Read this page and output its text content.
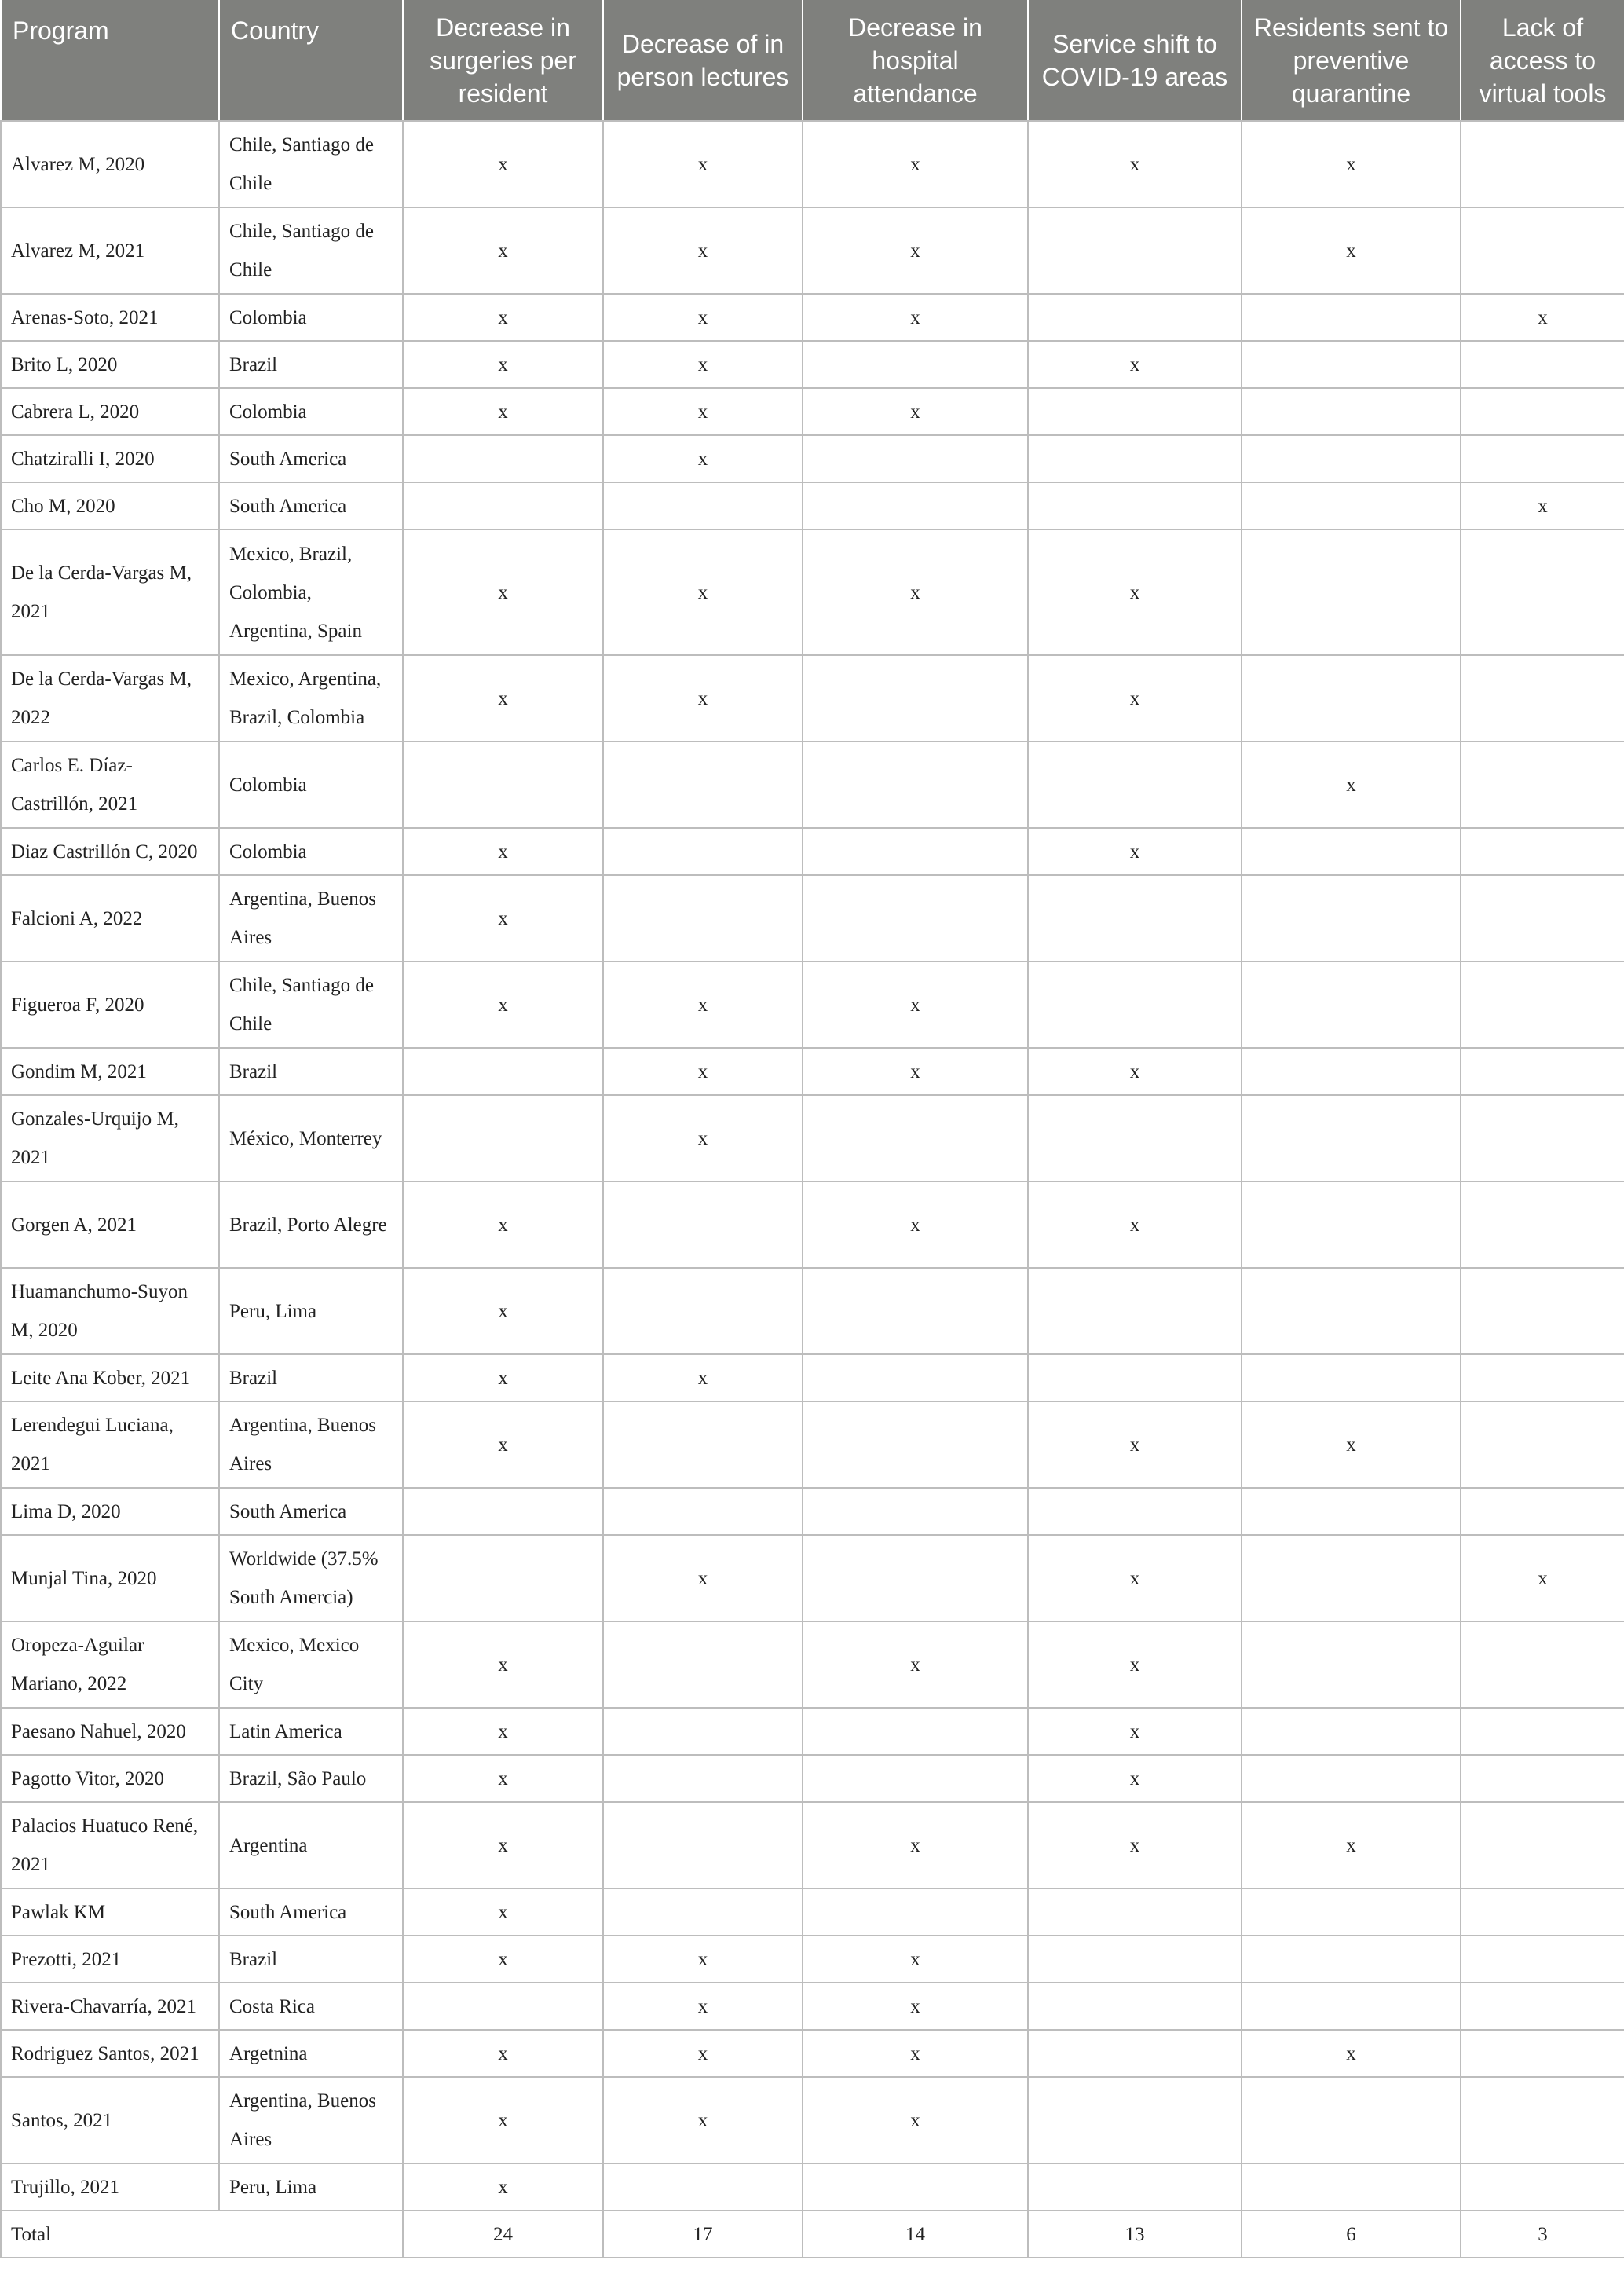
Program	Country	Decrease in surgeries per resident	Decrease of in person lectures	Decrease in hospital attendance	Service shift to COVID-19 areas	Residents sent to preventive quarantine	Lack of access to virtual tools
Alvarez M, 2020	Chile, Santiago de Chile	x	x	x	x	x	
Alvarez M, 2021	Chile, Santiago de Chile	x	x	x		x	
Arenas-Soto, 2021	Colombia	x	x	x			x
Brito L, 2020	Brazil	x	x		x		
Cabrera L, 2020	Colombia	x	x	x			
Chatziralli I, 2020	South America		x				
Cho M, 2020	South America						x
De la Cerda-Vargas M, 2021	Mexico, Brazil, Colombia, Argentina, Spain	x	x	x	x		
De la Cerda-Vargas M, 2022	Mexico, Argentina, Brazil, Colombia	x	x		x		
Carlos E. Díaz-Castrillón, 2021	Colombia					x	
Diaz Castrillón C, 2020	Colombia	x			x		
Falcioni A, 2022	Argentina, Buenos Aires	x					
Figueroa F, 2020	Chile, Santiago de Chile	x	x	x			
Gondim M, 2021	Brazil		x	x	x		
Gonzales-Urquijo M, 2021	México, Monterrey		x				
Gorgen A, 2021	Brazil, Porto Alegre	x		x	x		
Huamanchumo-Suyon M, 2020	Peru, Lima	x					
Leite Ana Kober, 2021	Brazil	x	x				
Lerendegui Luciana, 2021	Argentina, Buenos Aires	x			x	x	
Lima D, 2020	South America						
Munjal Tina, 2020	Worldwide (37.5% South Amercia)		x		x		x
Oropeza-Aguilar Mariano, 2022	Mexico, Mexico City	x		x	x		
Paesano Nahuel, 2020	Latin America	x			x		
Pagotto Vitor, 2020	Brazil, São Paulo	x			x		
Palacios Huatuco René, 2021	Argentina	x		x	x	x	
Pawlak KM	South America	x					
Prezotti, 2021	Brazil	x	x	x			
Rivera-Chavarría, 2021	Costa Rica		x	x			
Rodriguez Santos, 2021	Argetnina	x	x	x		x	
Santos, 2021	Argentina, Buenos Aires	x	x	x			
Trujillo, 2021	Peru, Lima	x					
Total		24	17	14	13	6	3
